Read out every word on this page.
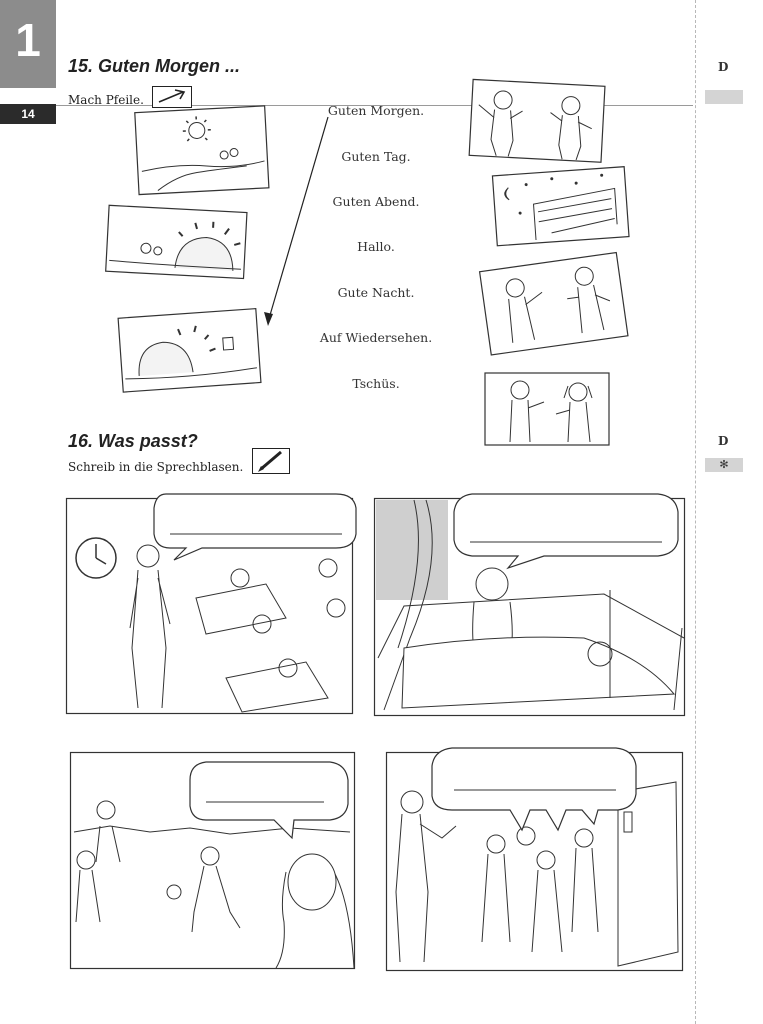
1
14
D
D
✻
15. Guten Morgen ...
Mach Pfeile.
Guten Morgen.
Guten Tag.
Guten Abend.
Hallo.
Gute Nacht.
Auf Wiedersehen.
Tschüs.
16. Was passt?
Schreib in die Sprechblasen.
